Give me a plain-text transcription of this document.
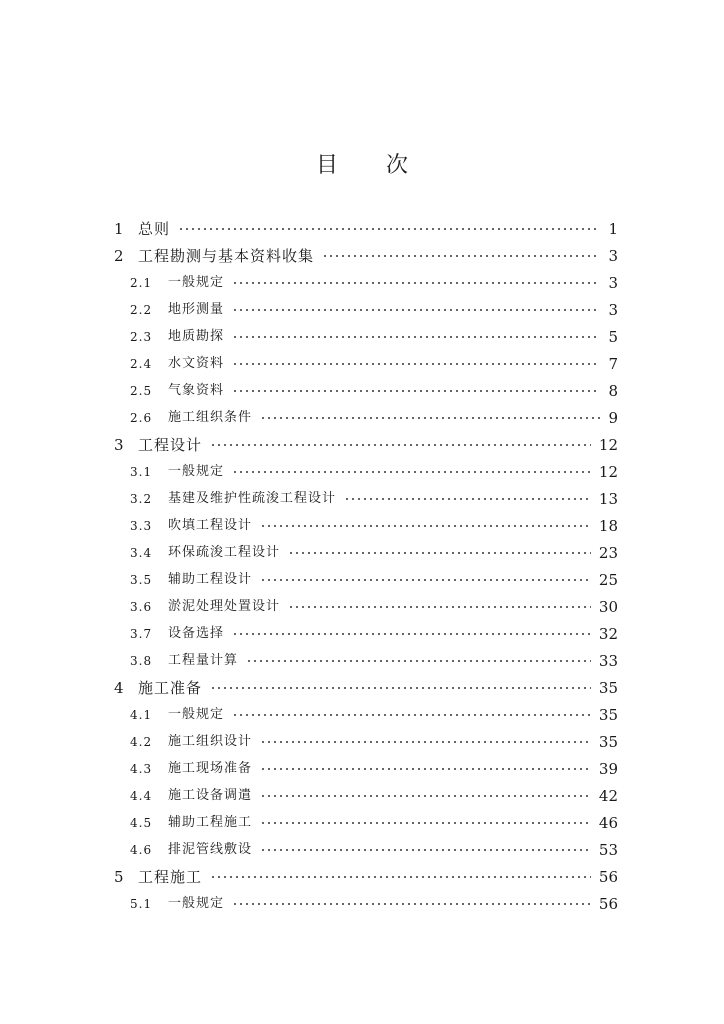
目次
1 总则	1
2 工程勘测与基本资料收集	3
2.1 一般规定	3
2.2 地形测量	3
2.3 地质勘探	5
2.4 水文资料	7
2.5 气象资料	8
2.6 施工组织条件	9
3 工程设计	12
3.1 一般规定	12
3.2 基建及维护性疏浚工程设计	13
3.3 吹填工程设计	18
3.4 环保疏浚工程设计	23
3.5 辅助工程设计	25
3.6 淤泥处理处置设计	30
3.7 设备选择	32
3.8 工程量计算	33
4 施工准备	35
4.1 一般规定	35
4.2 施工组织设计	35
4.3 施工现场准备	39
4.4 施工设备调遣	42
4.5 辅助工程施工	46
4.6 排泥管线敷设	53
5 工程施工	56
5.1 一般规定	56
